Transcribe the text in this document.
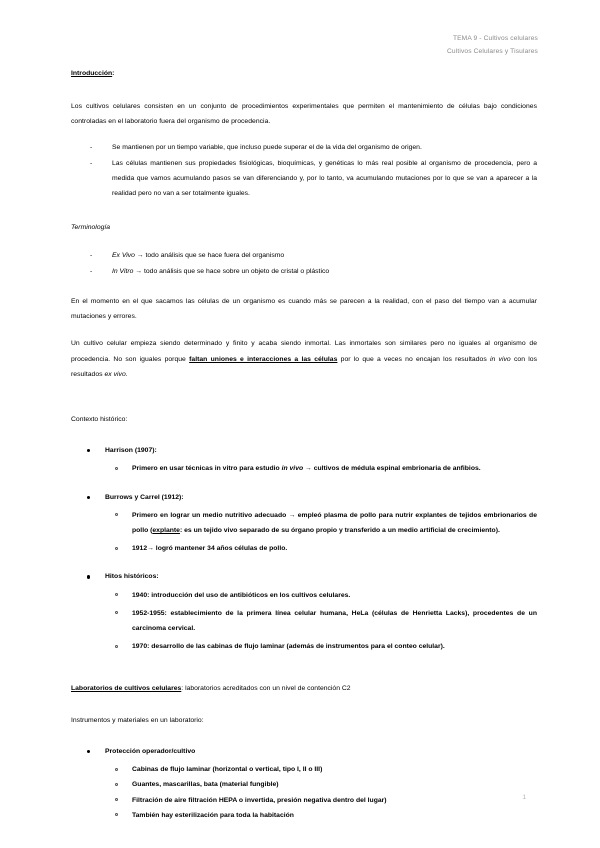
TEMA 9 - Cultivos celulares
Cultivos Celulares y Tisulares

Introducción:

Los cultivos celulares consisten en un conjunto de procedimientos experimentales que permiten el mantenimiento de células bajo condiciones controladas en el laboratorio fuera del organismo de procedencia.

- Se mantienen por un tiempo variable, que incluso puede superar el de la vida del organismo de origen.
- Las células mantienen sus propiedades fisiológicas, bioquímicas, y genéticas lo más real posible al organismo de procedencia, pero a medida que vamos acumulando pasos se van diferenciando y, por lo tanto, va acumulando mutaciones por lo que se van a aparecer a la realidad pero no van a ser totalmente iguales.

Terminología

- Ex Vivo → todo análisis que se hace fuera del organismo
- In Vitro → todo análisis que se hace sobre un objeto de cristal o plástico

En el momento en el que sacamos las células de un organismo es cuando más se parecen a la realidad, con el paso del tiempo van a acumular mutaciones y errores.

Un cultivo celular empieza siendo determinado y finito y acaba siendo inmortal. Las inmortales son similares pero no iguales al organismo de procedencia. No son iguales porque faltan uniones e interacciones a las células por lo que a veces no encajan los resultados in vivo con los resultados ex vivo.

Contexto histórico:

Harrison (1907):
Primero en usar técnicas in vitro para estudio in vivo → cultivos de médula espinal embrionaria de anfibios.
Burrows y Carrel (1912):
Primero en lograr un medio nutritivo adecuado → empleó plasma de pollo para nutrir explantes de tejidos embrionarios de pollo (explante: es un tejido vivo separado de su órgano propio y transferido a un medio artificial de crecimiento).
1912→ logró mantener 34 años células de pollo.
Hitos históricos:
1940: introducción del uso de antibióticos en los cultivos celulares.
1952-1955: establecimiento de la primera línea celular humana, HeLa (células de Henrietta Lacks), procedentes de un carcinoma cervical.
1970: desarrollo de las cabinas de flujo laminar (además de instrumentos para el conteo celular).

Laboratorios de cultivos celulares: laboratorios acreditados con un nivel de contención C2

Instrumentos y materiales en un laboratorio:

Protección operador/cultivo
Cabinas de flujo laminar (horizontal o vertical, tipo I, II o III)
Guantes, mascarillas, bata (material fungible)
Filtración de aire filtración HEPA o invertida, presión negativa dentro del lugar)
También hay esterilización para toda la habitación
1
